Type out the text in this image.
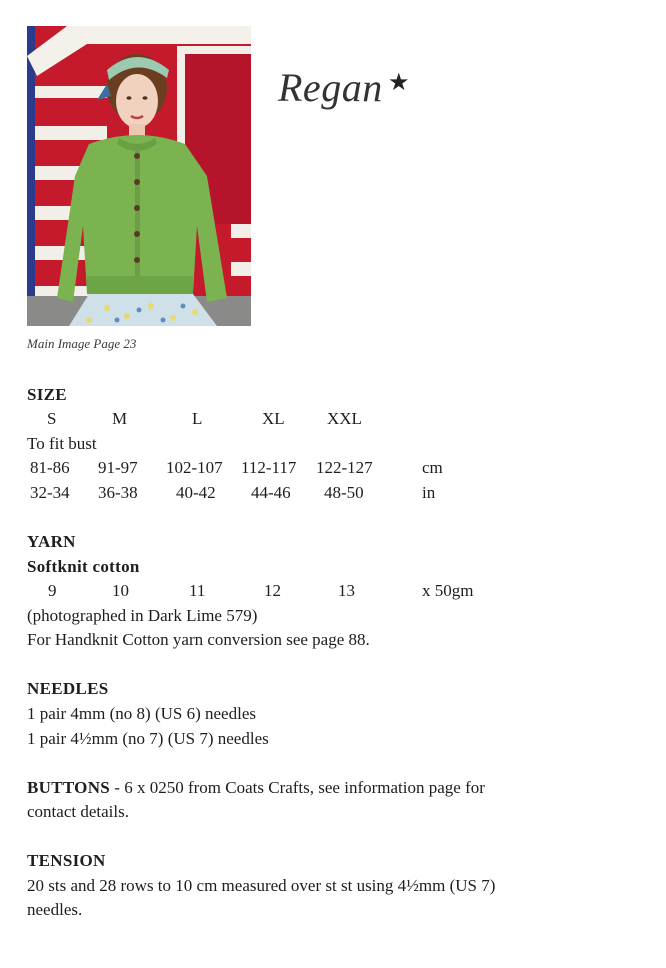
Main Image Page 23
Regan ★
SIZE
S	M	L	XL XXL
To fit bust
81-86 91-97 102-107 112-117 122-127	cm
32-34 36-38 40-42 44-46 48-50	in
YARN
Softknit cotton
9	10	11	12	13	x 50gm
(photographed in Dark Lime 579)
For Handknit Cotton yarn conversion see page 88.
NEEDLES
1 pair 4mm (no 8) (US 6) needles
1 pair 4½mm (no 7) (US 7) needles
BUTTONS - 6 x 0250 from Coats Crafts, see information page for
contact details.
TENSION
20 sts and 28 rows to 10 cm measured over st st using 4½mm (US 7)
needles.
